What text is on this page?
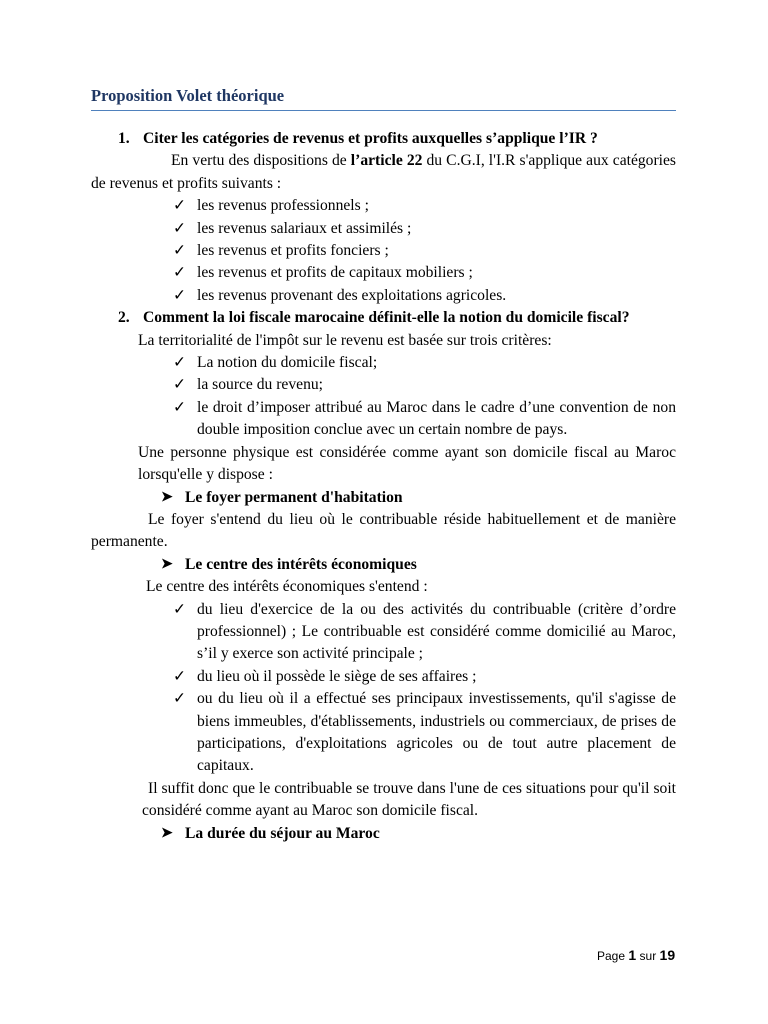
Proposition Volet théorique
1. Citer les catégories de revenus et profits auxquelles s’applique l’IR ?
En vertu des dispositions de l’article 22 du C.G.I, l'I.R s'applique aux catégories de revenus et profits suivants :
✓ les revenus professionnels ;
✓ les revenus salariaux et assimilés ;
✓ les revenus et profits fonciers ;
✓ les revenus et profits de capitaux mobiliers ;
✓ les revenus provenant des exploitations agricoles.
2. Comment la loi fiscale marocaine définit-elle la notion du domicile fiscal?
La territorialité de l'impôt sur le revenu est basée sur trois critères:
✓ La notion du domicile fiscal;
✓ la source du revenu;
✓ le droit d’imposer attribué au Maroc dans le cadre d’une convention de non double imposition conclue avec un certain nombre de pays.
Une personne physique est considérée comme ayant son domicile fiscal au Maroc lorsqu'elle y dispose :
➤ Le foyer permanent d'habitation
Le foyer s'entend du lieu où le contribuable réside habituellement et de manière permanente.
➤ Le centre des intérêts économiques
Le centre des intérêts économiques s'entend :
✓ du lieu d'exercice de la ou des activités du contribuable (critère d’ordre professionnel) ; Le contribuable est considéré comme domicilié au Maroc, s’il y exerce son activité principale ;
✓ du lieu où il possède le siège de ses affaires ;
✓ ou du lieu où il a effectué ses principaux investissements, qu'il s'agisse de biens immeubles, d'établissements, industriels ou commerciaux, de prises de participations, d'exploitations agricoles ou de tout autre placement de capitaux.
Il suffit donc que le contribuable se trouve dans l'une de ces situations pour qu'il soit considéré comme ayant au Maroc son domicile fiscal.
➤ La durée du séjour au Maroc
Page 1 sur 19
